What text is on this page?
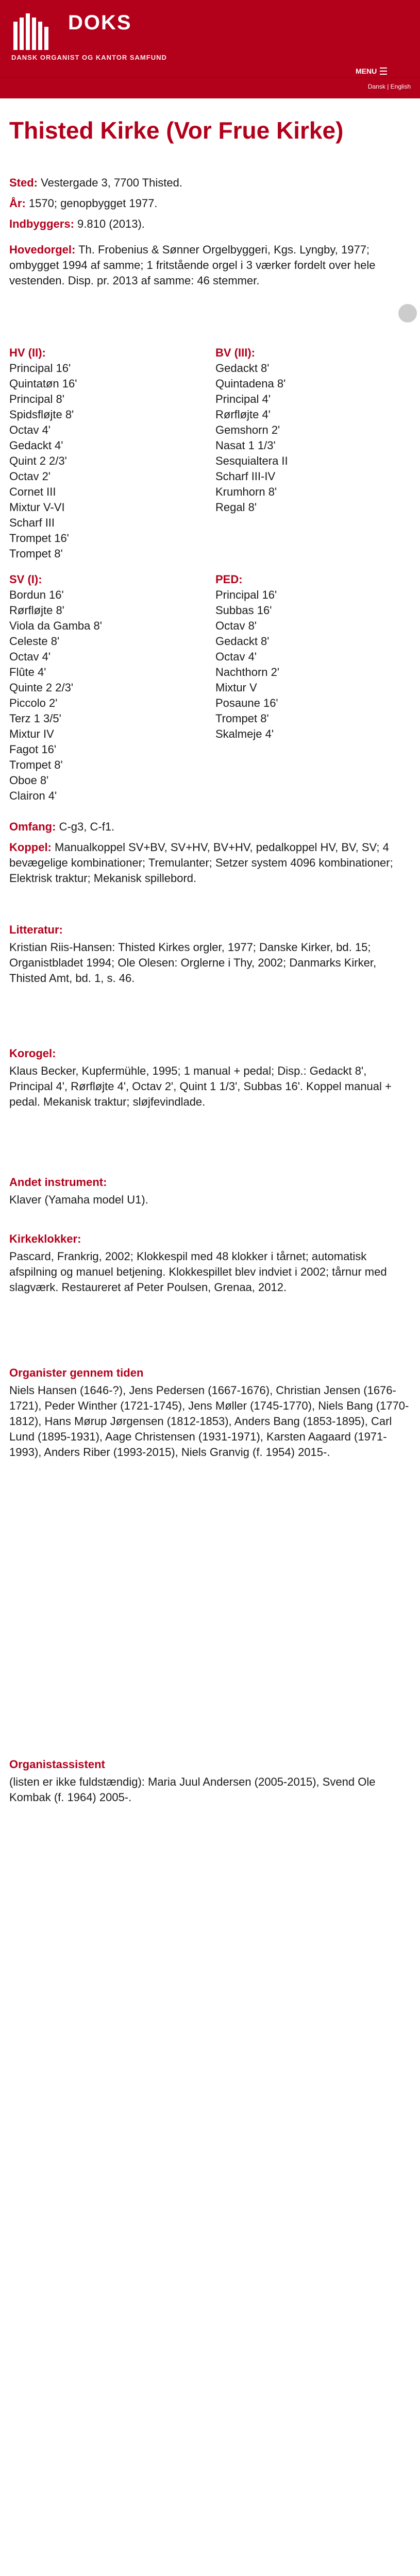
DOKS
DANSK ORGANIST OG KANTOR SAMFUND
MENU
Dansk | English
Thisted Kirke (Vor Frue Kirke)
Sted: Vestergade 3, 7700 Thisted.
År: 1570; genopbygget 1977.
Indbyggers: 9.810 (2013).
Hovedorgel: Th. Frobenius & Sønner Orgelbyggeri, Kgs. Lyngby, 1977; ombygget 1994 af samme; 1 fritstående orgel i 3 værker fordelt over hele vestenden. Disp. pr. 2013 af samme: 46 stemmer.
HV (II):
Principal 16'
Quintatøn 16'
Principal 8'
Spidsfløjte 8'
Octav 4'
Gedackt 4'
Quint 2 2/3'
Octav 2'
Cornet III
Mixtur V-VI
Scharf III
Trompet 16'
Trompet 8'
BV (III):
Gedackt 8'
Quintadena 8'
Principal 4'
Rørfløjte 4'
Gemshorn 2'
Nasat 1 1/3'
Sesquialtera II
Scharf III-IV
Krumhorn 8'
Regal 8'
SV (I):
Bordun 16'
Rørfløjte 8'
Viola da Gamba 8'
Celeste 8'
Octav 4'
Flûte 4'
Quinte 2 2/3'
Piccolo 2'
Terz 1 3/5'
Mixtur IV
Fagot 16'
Trompet 8'
Oboe 8'
Clairon 4'
PED:
Principal 16'
Subbas 16'
Octav 8'
Gedackt 8'
Octav 4'
Nachthorn 2'
Mixtur V
Posaune 16'
Trompet 8'
Skalmeje 4'
Omfang: C-g3, C-f1.
Koppel: Manualkoppel SV+BV, SV+HV, BV+HV, pedalkoppel HV, BV, SV; 4 bevægelige kombinationer; Tremulanter; Setzer system 4096 kombinationer; Elektrisk traktur; Mekanisk spillebord.
Litteratur:
Kristian Riis-Hansen: Thisted Kirkes orgler, 1977; Danske Kirker, bd. 15; Organistbladet 1994; Ole Olesen: Orglerne i Thy, 2002; Danmarks Kirker, Thisted Amt, bd. 1, s. 46.
Korogel:
Klaus Becker, Kupfermühle, 1995; 1 manual + pedal; Disp.: Gedackt 8', Principal 4', Rørfløjte 4', Octav 2', Quint 1 1/3', Subbas 16'. Koppel manual + pedal. Mekanisk traktur; sløjfevindlade.
Andet instrument:
Klaver (Yamaha model U1).
Kirkeklokker:
Pascard, Frankrig, 2002; Klokkespil med 48 klokker i tårnet; automatisk afspilning og manuel betjening. Klokkespillet blev indviet i 2002; tårnur med slagværk. Restaureret af Peter Poulsen, Grenaa, 2012.
Organister gennem tiden
Niels Hansen (1646-?), Jens Pedersen (1667-1676), Christian Jensen (1676-1721), Peder Winther (1721-1745), Jens Møller (1745-1770), Niels Bang (1770-1812), Hans Mørup Jørgensen (1812-1853), Anders Bang (1853-1895), Carl Lund (1895-1931), Aage Christensen (1931-1971), Karsten Aagaard (1971-1993), Anders Riber (1993-2015), Niels Granvig (f. 1954) 2015-.
Organistassistent
(listen er ikke fuldstændig): Maria Juul Andersen (2005-2015), Svend Ole Kombak (f. 1964) 2005-.
